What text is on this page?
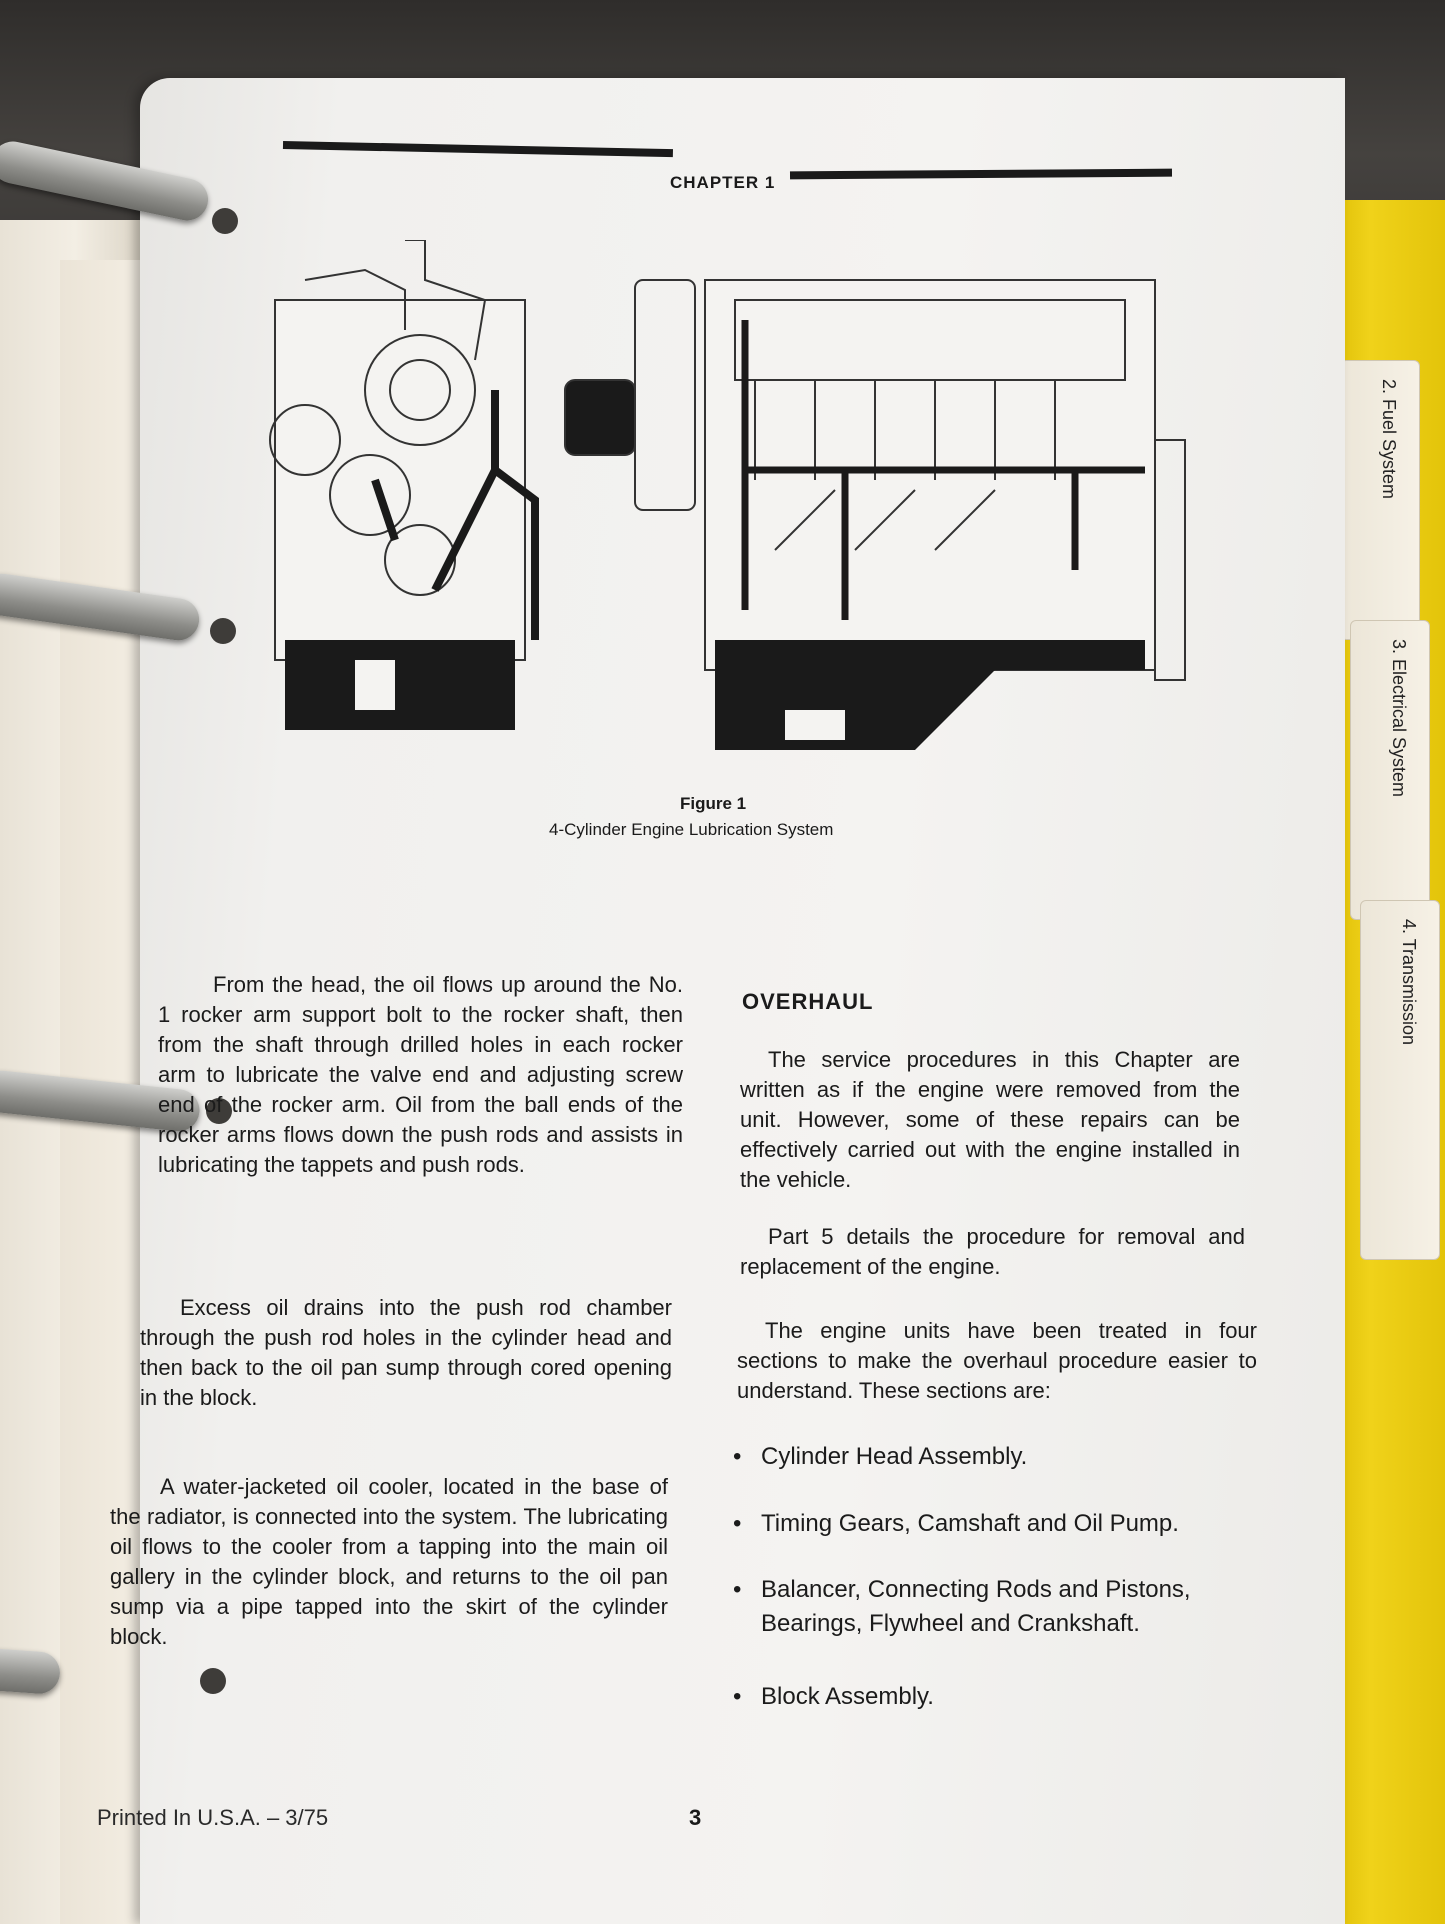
2. Fuel System
3. Electrical System
4. Transmission
CHAPTER 1
Figure 1
4-Cylinder Engine Lubrication System
From the head, the oil flows up around the No. 1 rocker arm support bolt to the rocker shaft, then from the shaft through drilled holes in each rocker arm to lubricate the valve end and adjusting screw end of the rocker arm. Oil from the ball ends of the rocker arms flows down the push rods and assists in lubricating the tappets and push rods.
Excess oil drains into the push rod chamber through the push rod holes in the cylinder head and then back to the oil pan sump through cored opening in the block.
A water-jacketed oil cooler, located in the base of the radiator, is connected into the system. The lubricating oil flows to the cooler from a tapping into the main oil gallery in the cylinder block, and returns to the oil pan sump via a pipe tapped into the skirt of the cylinder block.
OVERHAUL
The service procedures in this Chapter are written as if the engine were removed from the unit. However, some of these repairs can be effectively carried out with the engine installed in the vehicle.
Part 5 details the procedure for removal and replacement of the engine.
The engine units have been treated in four sections to make the overhaul procedure easier to understand. These sections are:
• Cylinder Head Assembly.
• Timing Gears, Camshaft and Oil Pump.
• Balancer, Connecting Rods and Pistons, Bearings, Flywheel and Crankshaft.
• Block Assembly.
Printed In U.S.A. – 3/75	3
